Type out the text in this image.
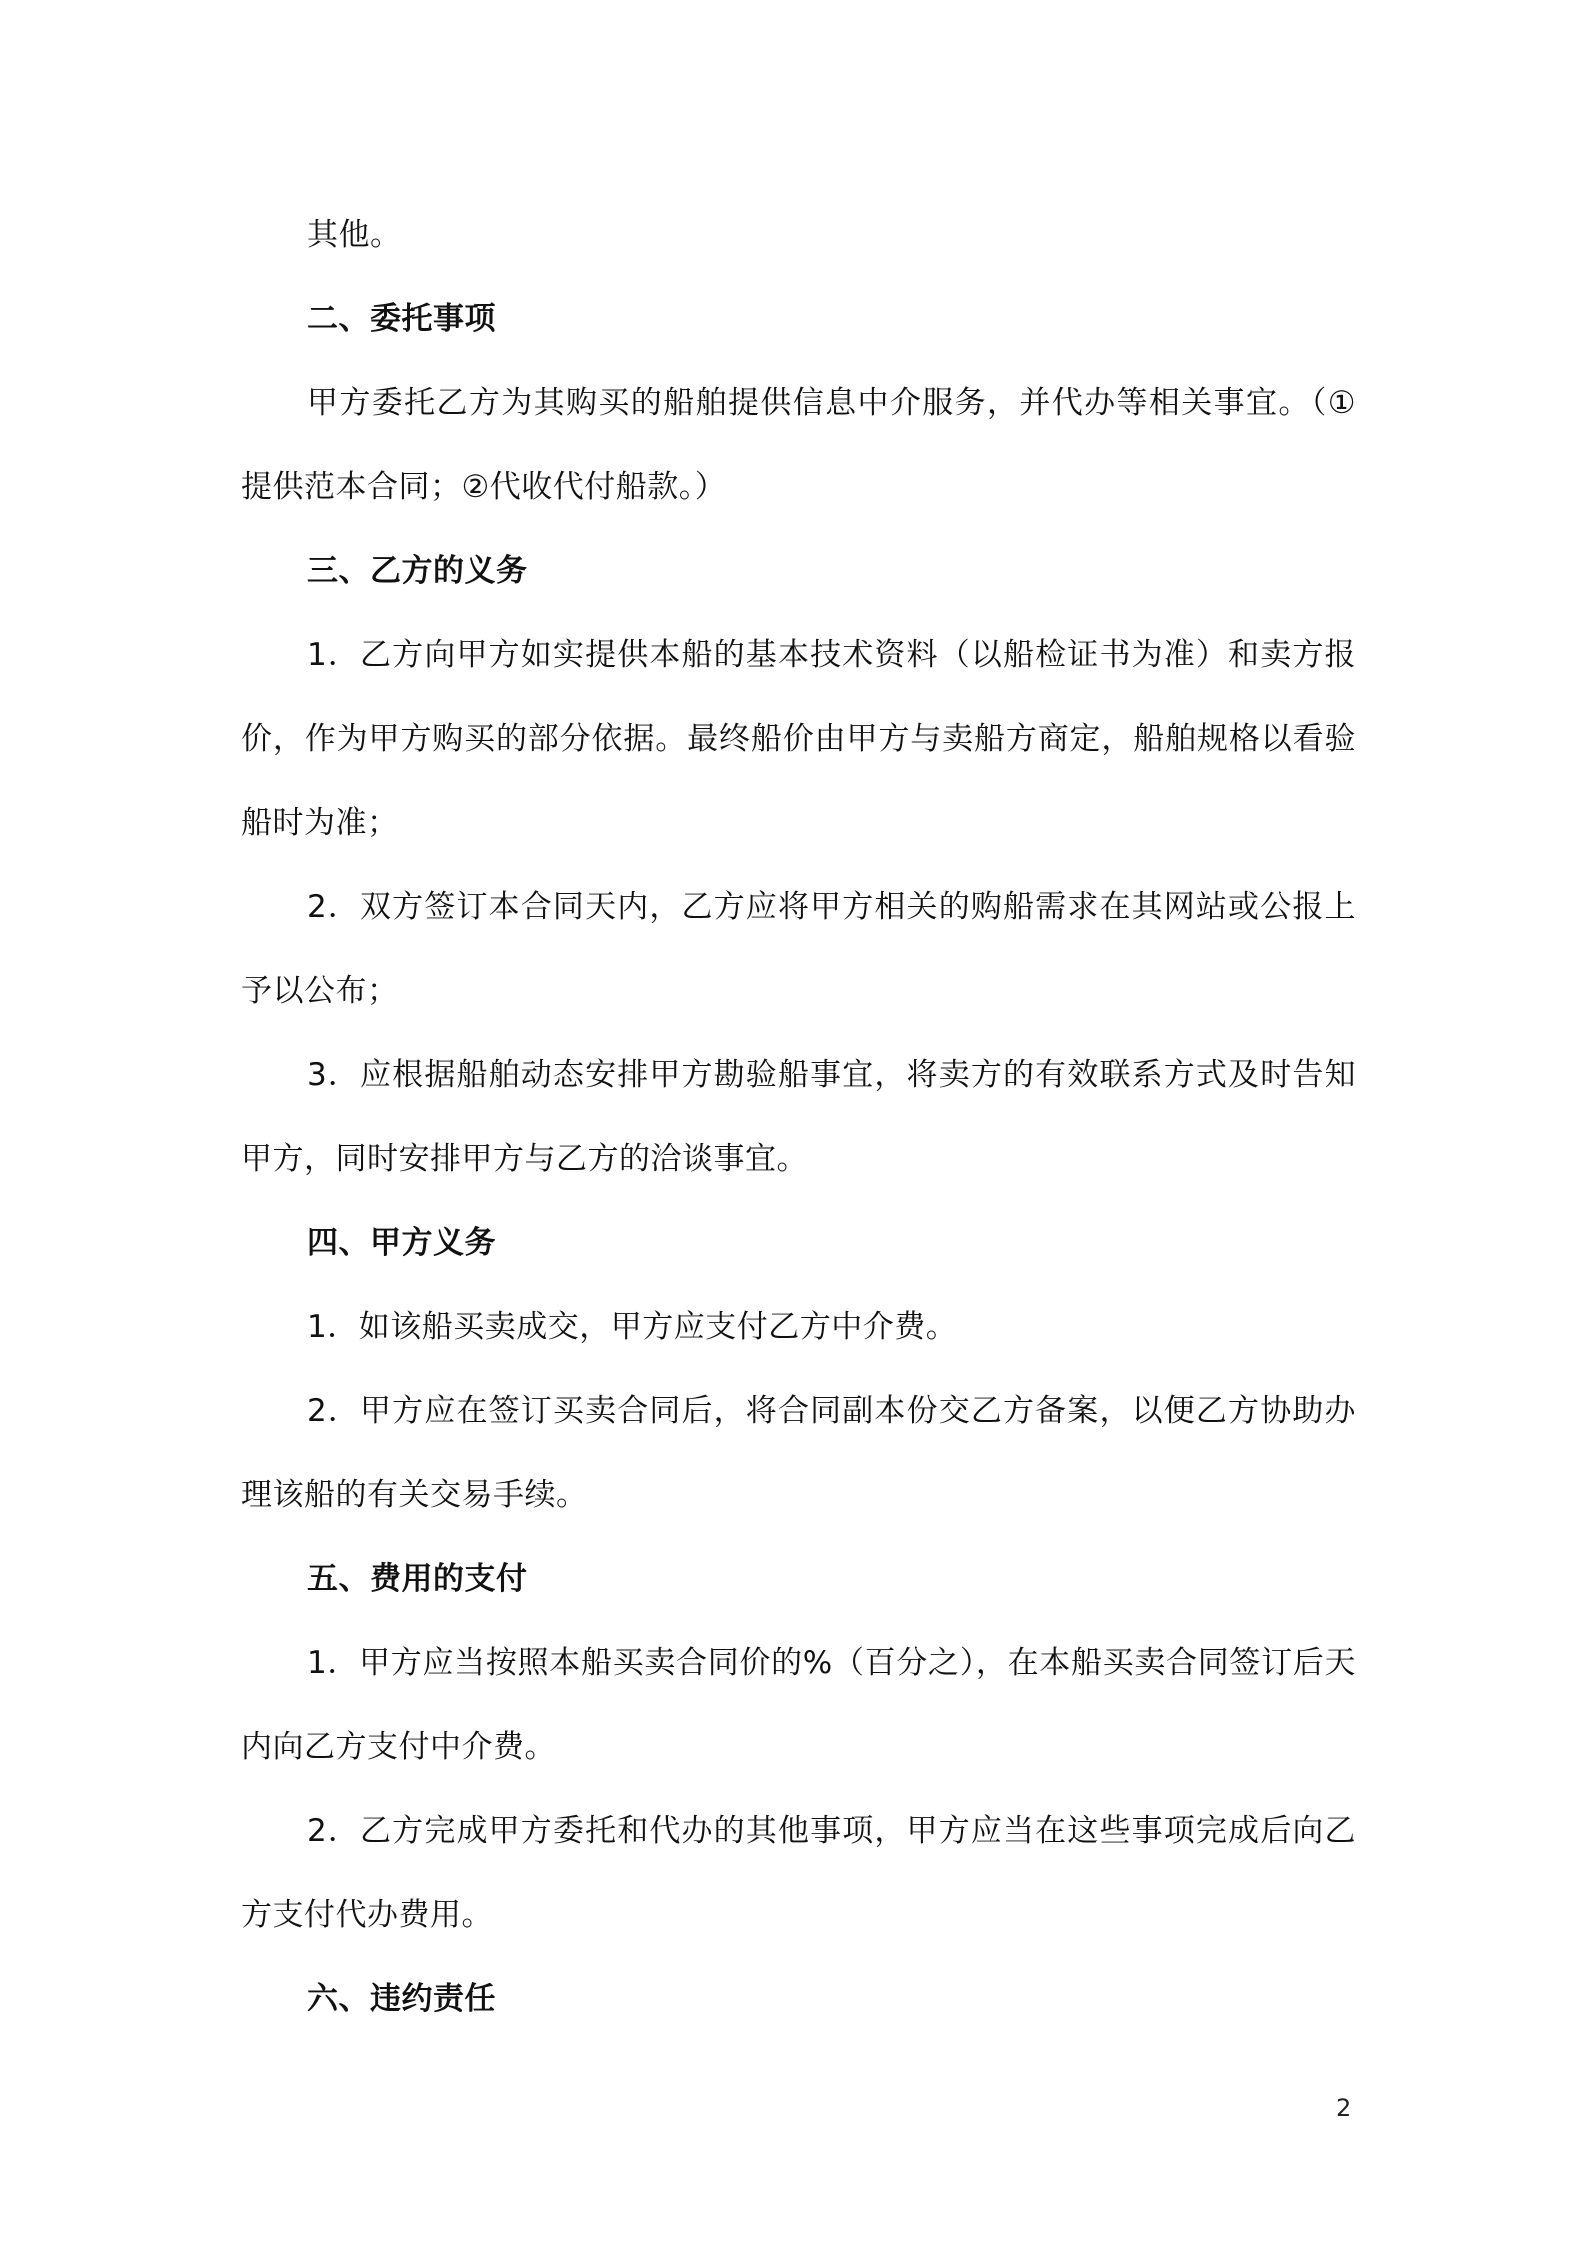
其他。

二、委托事项

甲方委托乙方为其购买的船舶提供信息中介服务，并代办等相关事宜。（①提供范本合同；②代收代付船款。）

三、乙方的义务

1．乙方向甲方如实提供本船的基本技术资料（以船检证书为准）和卖方报价，作为甲方购买的部分依据。最终船价由甲方与卖船方商定，船舶规格以看验船时为准；

2．双方签订本合同天内，乙方应将甲方相关的购船需求在其网站或公报上予以公布；

3．应根据船舶动态安排甲方勘验船事宜，将卖方的有效联系方式及时告知甲方，同时安排甲方与乙方的洽谈事宜。

四、甲方义务

1．如该船买卖成交，甲方应支付乙方中介费。

2．甲方应在签订买卖合同后，将合同副本份交乙方备案，以便乙方协助办理该船的有关交易手续。

五、费用的支付

1．甲方应当按照本船买卖合同价的%（百分之），在本船买卖合同签订后天内向乙方支付中介费。

2．乙方完成甲方委托和代办的其他事项，甲方应当在这些事项完成后向乙方支付代办费用。

六、违约责任

2
